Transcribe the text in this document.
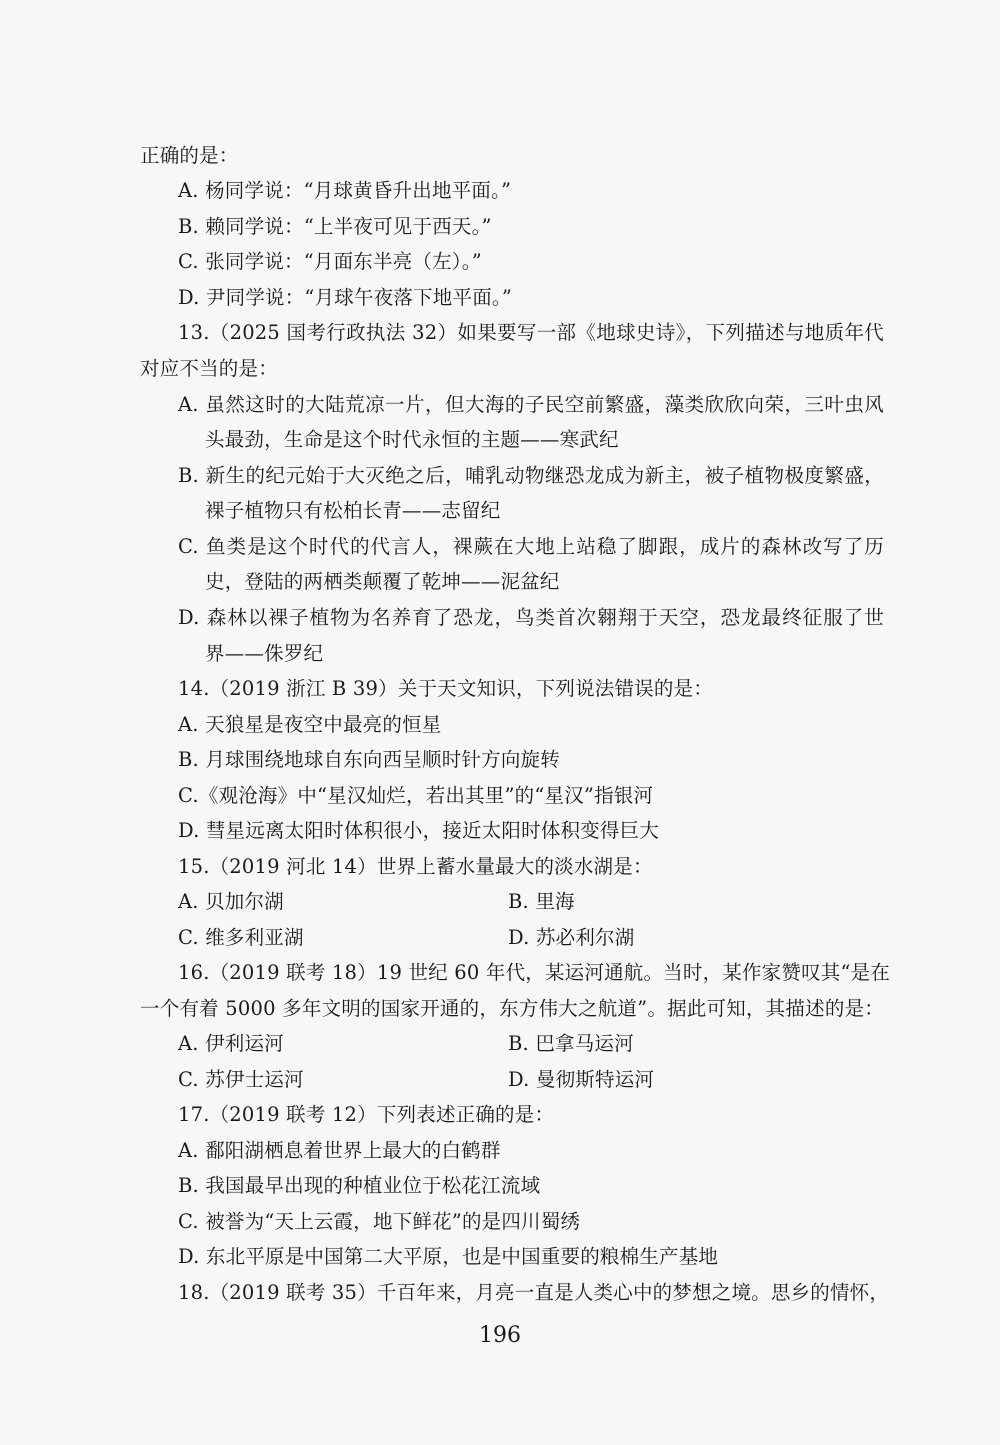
正确的是：
A. 杨同学说：“月球黄昏升出地平面。”
B. 赖同学说：“上半夜可见于西天。”
C. 张同学说：“月面东半亮（左）。”
D. 尹同学说：“月球午夜落下地平面。”
13.（2025 国考行政执法 32）如果要写一部《地球史诗》，下列描述与地质年代
对应不当的是：
A. 虽然这时的大陆荒凉一片，但大海的子民空前繁盛，藻类欣欣向荣，三叶虫风
头最劲，生命是这个时代永恒的主题——寒武纪
B. 新生的纪元始于大灭绝之后，哺乳动物继恐龙成为新主，被子植物极度繁盛，
裸子植物只有松柏长青——志留纪
C. 鱼类是这个时代的代言人，裸蕨在大地上站稳了脚跟，成片的森林改写了历
史，登陆的两栖类颠覆了乾坤——泥盆纪
D. 森林以裸子植物为名养育了恐龙，鸟类首次翱翔于天空，恐龙最终征服了世
界——侏罗纪
14.（2019 浙江 B 39）关于天文知识，下列说法错误的是：
A. 天狼星是夜空中最亮的恒星
B. 月球围绕地球自东向西呈顺时针方向旋转
C.《观沧海》中“星汉灿烂，若出其里”的“星汉”指银河
D. 彗星远离太阳时体积很小，接近太阳时体积变得巨大
15.（2019 河北 14）世界上蓄水量最大的淡水湖是：
A. 贝加尔湖	B. 里海
C. 维多利亚湖	D. 苏必利尔湖
16.（2019 联考 18）19 世纪 60 年代，某运河通航。当时，某作家赞叹其“是在
一个有着 5000 多年文明的国家开通的，东方伟大之航道”。据此可知，其描述的是：
A. 伊利运河	B. 巴拿马运河
C. 苏伊士运河	D. 曼彻斯特运河
17.（2019 联考 12）下列表述正确的是：
A. 鄱阳湖栖息着世界上最大的白鹤群
B. 我国最早出现的种植业位于松花江流域
C. 被誉为“天上云霞，地下鲜花”的是四川蜀绣
D. 东北平原是中国第二大平原，也是中国重要的粮棉生产基地
18.（2019 联考 35）千百年来，月亮一直是人类心中的梦想之境。思乡的情怀，
196
